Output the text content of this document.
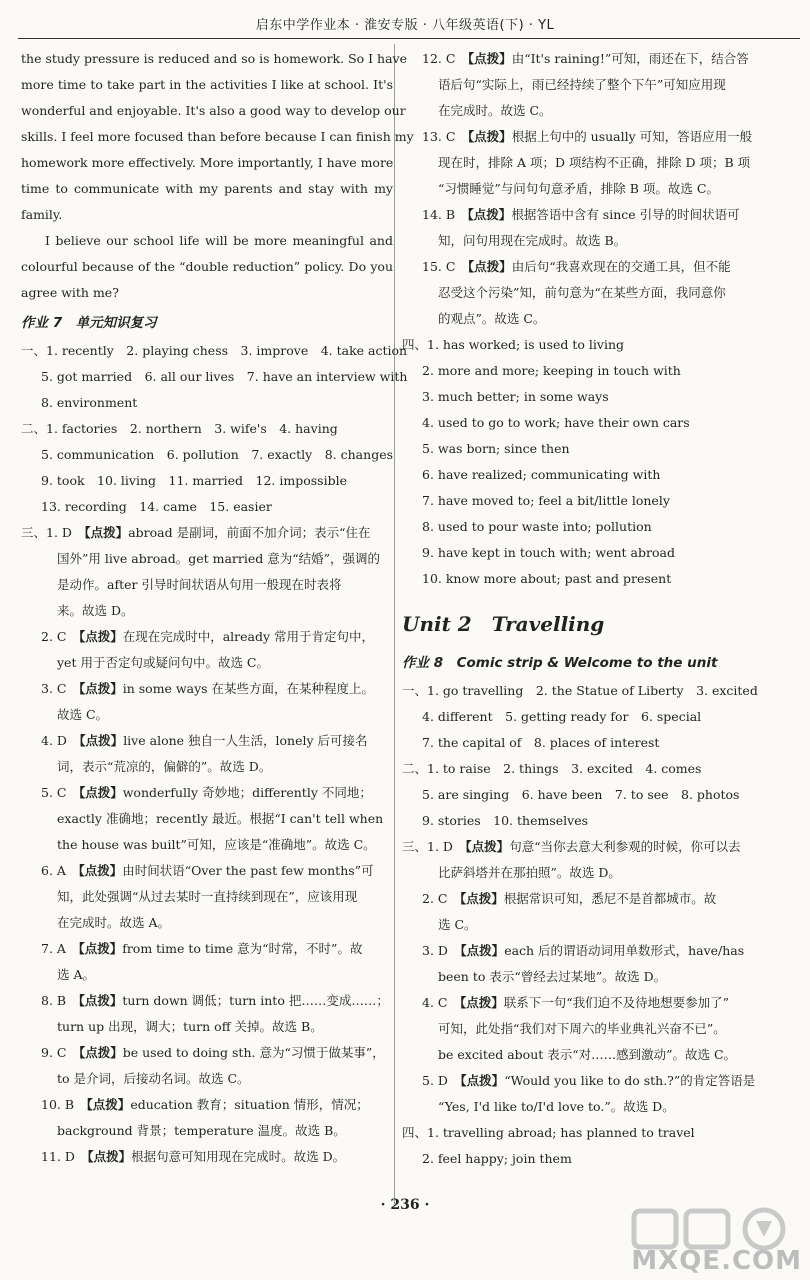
启东中学作业本 · 淮安专版 · 八年级英语(下) · YL
the study pressure is reduced and so is homework. So I have
more time to take part in the activities I like at school. It's
wonderful and enjoyable. It's also a good way to develop our
skills. I feel more focused than before because I can finish my
homework more effectively. More importantly, I have more
time to communicate with my parents and stay with my
family.
I believe our school life will be more meaningful and
colourful because of the “double reduction” policy. Do you
agree with me?
作业 7　单元知识复习
一、1. recently　2. playing chess　3. improve　4. take action
5. got married　6. all our lives　7. have an interview with
8. environment
二、1. factories　2. northern　3. wife's　4. having
5. communication　6. pollution　7. exactly　8. changes
9. took　10. living　11. married　12. impossible
13. recording　14. came　15. easier
三、1. D　【点拨】abroad 是副词，前面不加介词；表示“住在
国外”用 live abroad。get married 意为“结婚”，强调的
是动作。after 引导时间状语从句用一般现在时表将
来。故选 D。
2. C　【点拨】在现在完成时中，already 常用于肯定句中，
yet 用于否定句或疑问句中。故选 C。
3. C　【点拨】in some ways 在某些方面，在某种程度上。
故选 C。
4. D　【点拨】live alone 独自一人生活，lonely 后可接名
词，表示“荒凉的，偏僻的”。故选 D。
5. C　【点拨】wonderfully 奇妙地；differently 不同地；
exactly 准确地；recently 最近。根据“I can't tell when
the house was built”可知，应该是“准确地”。故选 C。
6. A　【点拨】由时间状语“Over the past few months”可
知，此处强调“从过去某时一直持续到现在”，应该用现
在完成时。故选 A。
7. A　【点拨】from time to time 意为“时常，不时”。故
选 A。
8. B　【点拨】turn down 调低；turn into 把……变成……；
turn up 出现，调大；turn off 关掉。故选 B。
9. C　【点拨】be used to doing sth. 意为“习惯于做某事”，
to 是介词，后接动名词。故选 C。
10. B　【点拨】education 教育；situation 情形，情况；
background 背景；temperature 温度。故选 B。
11. D　【点拨】根据句意可知用现在完成时。故选 D。
12. C　【点拨】由“It's raining!”可知，雨还在下，结合答
语后句“实际上，雨已经持续了整个下午”可知应用现
在完成时。故选 C。
13. C　【点拨】根据上句中的 usually 可知，答语应用一般
现在时，排除 A 项；D 项结构不正确，排除 D 项；B 项
“习惯睡觉”与问句句意矛盾，排除 B 项。故选 C。
14. B　【点拨】根据答语中含有 since 引导的时间状语可
知，问句用现在完成时。故选 B。
15. C　【点拨】由后句“我喜欢现在的交通工具，但不能
忍受这个污染”知，前句意为“在某些方面，我同意你
的观点”。故选 C。
四、1. has worked; is used to living
2. more and more; keeping in touch with
3. much better; in some ways
4. used to go to work; have their own cars
5. was born; since then
6. have realized; communicating with
7. have moved to; feel a bit/little lonely
8. used to pour waste into; pollution
9. have kept in touch with; went abroad
10. know more about; past and present
Unit 2　Travelling
作业 8　Comic strip & Welcome to the unit
一、1. go travelling　2. the Statue of Liberty　3. excited
4. different　5. getting ready for　6. special
7. the capital of　8. places of interest
二、1. to raise　2. things　3. excited　4. comes
5. are singing　6. have been　7. to see　8. photos
9. stories　10. themselves
三、1. D　【点拨】句意“当你去意大利参观的时候，你可以去
比萨斜塔并在那拍照”。故选 D。
2. C　【点拨】根据常识可知，悉尼不是首都城市。故
选 C。
3. D　【点拨】each 后的谓语动词用单数形式，have/has
been to 表示“曾经去过某地”。故选 D。
4. C　【点拨】联系下一句“我们迫不及待地想要参加了”
可知，此处指“我们对下周六的毕业典礼兴奋不已”。
be excited about 表示“对……感到激动”。故选 C。
5. D　【点拨】“Would you like to do sth.?”的肯定答语是
“Yes, I'd like to/I'd love to.”。故选 D。
四、1. travelling abroad; has planned to travel
2. feel happy; join them
· 236 ·
MXQE.COM
